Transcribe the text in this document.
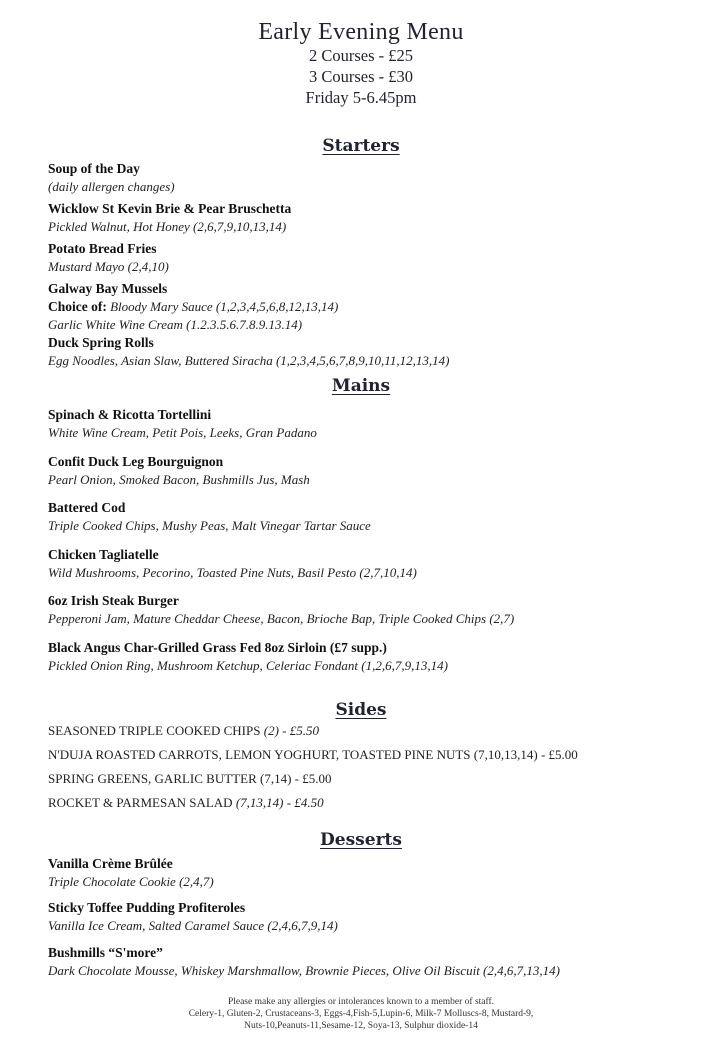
Early Evening Menu
2 Courses - £25
3 Courses - £30
Friday 5-6.45pm
Starters
Soup of the Day
(daily allergen changes)
Wicklow St Kevin Brie & Pear Bruschetta
Pickled Walnut, Hot Honey (2,6,7,9,10,13,14)
Potato Bread Fries
Mustard Mayo (2,4,10)
Galway Bay Mussels
Choice of: Bloody Mary Sauce (1,2,3,4,5,6,8,12,13,14)
Garlic White Wine Cream (1.2.3.5.6.7.8.9.13.14)
Duck Spring Rolls
Egg Noodles, Asian Slaw, Buttered Siracha (1,2,3,4,5,6,7,8,9,10,11,12,13,14)
Mains
Spinach & Ricotta Tortellini
White Wine Cream, Petit Pois, Leeks, Gran Padano
Confit Duck Leg Bourguignon
Pearl Onion, Smoked Bacon, Bushmills Jus, Mash
Battered Cod
Triple Cooked Chips, Mushy Peas, Malt Vinegar Tartar Sauce
Chicken Tagliatelle
Wild Mushrooms, Pecorino, Toasted Pine Nuts, Basil Pesto (2,7,10,14)
6oz Irish Steak Burger
Pepperoni Jam, Mature Cheddar Cheese, Bacon, Brioche Bap, Triple Cooked Chips (2,7)
Black Angus Char-Grilled Grass Fed 8oz Sirloin (£7 supp.)
Pickled Onion Ring, Mushroom Ketchup, Celeriac Fondant (1,2,6,7,9,13,14)
Sides
SEASONED TRIPLE COOKED CHIPS (2) - £5.50
N'DUJA ROASTED CARROTS, LEMON YOGHURT, TOASTED PINE NUTS (7,10,13,14) - £5.00
SPRING GREENS, GARLIC BUTTER (7,14) - £5.00
ROCKET & PARMESAN SALAD (7,13,14) - £4.50
Desserts
Vanilla Crème Brûlée
Triple Chocolate Cookie (2,4,7)
Sticky Toffee Pudding Profiteroles
Vanilla Ice Cream, Salted Caramel Sauce (2,4,6,7,9,14)
Bushmills “S'more”
Dark Chocolate Mousse, Whiskey Marshmallow, Brownie Pieces, Olive Oil Biscuit (2,4,6,7,13,14)
Please make any allergies or intolerances known to a member of staff.
Celery-1, Gluten-2, Crustaceans-3, Eggs-4,Fish-5,Lupin-6, Milk-7 Molluscs-8, Mustard-9,
Nuts-10,Peanuts-11,Sesame-12, Soya-13, Sulphur dioxide-14
